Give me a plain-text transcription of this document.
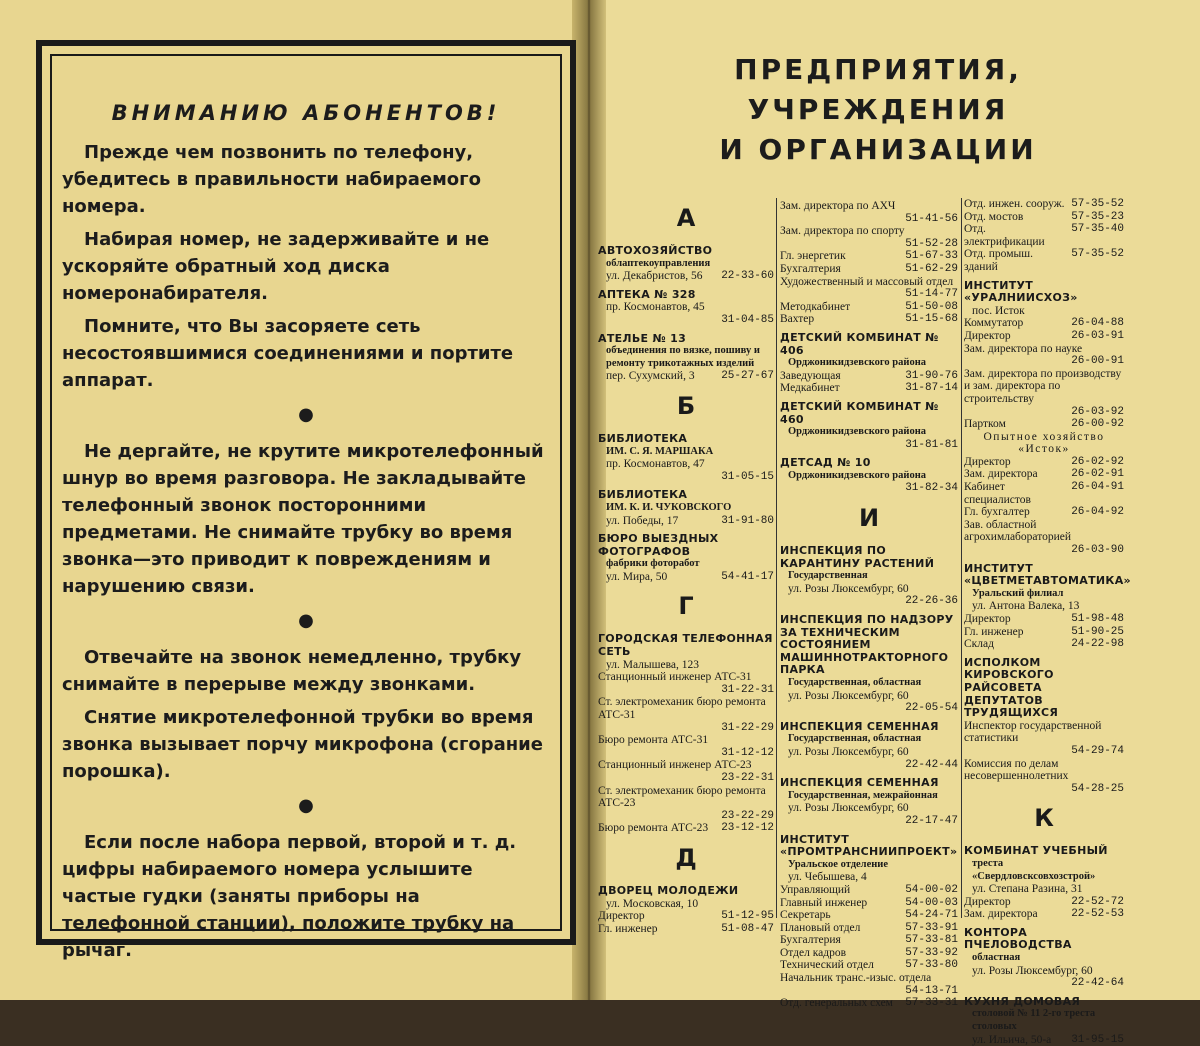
ВНИМАНИЮ АБОНЕНТОВ!

Прежде чем позвонить по телефону, убедитесь в правильности набираемого номера.

Набирая номер, не задерживайте и не ускоряйте обратный ход диска номеронабирателя.

Помните, что Вы засоряете сеть несостоявшимися соединениями и портите аппарат.

●

Не дергайте, не крутите микротелефонный шнур во время разговора. Не закладывайте телефонный звонок посторонними предметами. Не снимайте трубку во время звонка—это приводит к повреждениям и нарушению связи.

●

Отвечайте на звонок немедленно, трубку снимайте в перерыве между звонками.

Снятие микротелефонной трубки во время звонка вызывает порчу микрофона (сгорание порошка).

●

Если после набора первой, второй и т. д. цифры набираемого номера услышите частые гудки (заняты приборы на телефонной станции), положите трубку на рычаг.

ПРЕДПРИЯТИЯ, УЧРЕЖДЕНИЯ
И ОРГАНИЗАЦИИ
А
АВТОХОЗЯЙСТВО
облаптекоуправления
ул. Декабристов, 56	22-33-60
АПТЕКА № 328
пр. Космонавтов, 45
31-04-85
АТЕЛЬЕ № 13
объединения по вязке, пошиву и ремонту трикотажных изделий
пер. Сухумский, 3	25-27-67
Б
БИБЛИОТЕКА
ИМ. С. Я. МАРШАКА
пр. Космонавтов, 47
31-05-15
БИБЛИОТЕКА
ИМ. К. И. ЧУКОВСКОГО
ул. Победы, 17	31-91-80
БЮРО ВЫЕЗДНЫХ ФОТОГРАФОВ
фабрики фоторабот
ул. Мира, 50	54-41-17
Г
ГОРОДСКАЯ ТЕЛЕФОННАЯ СЕТЬ
ул. Малышева, 123
Станционный инженер АТС-31
31-22-31
Ст. электромеханик бюро ремонта АТС-31
31-22-29
Бюро ремонта АТС-31
31-12-12
Станционный инженер АТС-23
23-22-31
Ст. электромеханик бюро ремонта АТС-23
23-22-29
Бюро ремонта АТС-23	23-12-12
Д
ДВОРЕЦ МОЛОДЕЖИ
ул. Московская, 10
Директор	51-12-95
Гл. инженер	51-08-47
Зам. директора по АХЧ
51-41-56
Зам. директора по спорту
51-52-28
Гл. энергетик	51-67-33
Бухгалтерия	51-62-29
Художественный и массовый отдел
51-14-77
Методкабинет	51-50-08
Вахтер	51-15-68
ДЕТСКИЙ КОМБИНАТ № 406
Орджоникидзевского района
Заведующая	31-90-76
Медкабинет	31-87-14
ДЕТСКИЙ КОМБИНАТ № 460
Орджоникидзевского района
31-81-81
ДЕТСАД № 10
Орджоникидзевского района
31-82-34
И
ИНСПЕКЦИЯ ПО КАРАНТИНУ РАСТЕНИЙ
Государственная
ул. Розы Люксембург, 60
22-26-36
ИНСПЕКЦИЯ ПО НАДЗОРУ ЗА ТЕХНИЧЕСКИМ СОСТОЯНИЕМ МАШИННОТРАКТОРНОГО ПАРКА
Государственная, областная
ул. Розы Люксембург, 60
22-05-54
ИНСПЕКЦИЯ СЕМЕННАЯ
Государственная, областная
ул. Розы Люксембург, 60
22-42-44
ИНСПЕКЦИЯ СЕМЕННАЯ
Государственная, межрайонная
ул. Розы Люксембург, 60
22-17-47
ИНСТИТУТ «ПРОМТРАНСНИИПРОЕКТ»
Уральское отделение
ул. Чебышева, 4
Управляющий	54-00-02
Главный инженер	54-00-03
Секретарь	54-24-71
Плановый отдел	57-33-91
Бухгалтерия	57-33-81
Отдел кадров	57-33-92
Технический отдел	57-33-80
Начальник транс.-изыс. отдела
54-13-71
Отд. генеральных схем	57-33-31
Отд. инжен. сооруж. 57-35-52
Отд. мостов	57-35-23
Отд. электрификации
57-35-40
Отд. промыш. зданий
57-35-52
ИНСТИТУТ «УРАЛНИИСХОЗ»
пос. Исток
Коммутатор	26-04-88
Директор	26-03-91
Зам. директора по науке
26-00-91
Зам. директора по производству и зам. директора по строительству
26-03-92
Партком	26-00-92
Опытное хозяйство «Исток»
Директор	26-02-92
Зам. директора	26-02-91
Кабинет специалистов
26-04-91
Гл. бухгалтер	26-04-92
Зав. областной агрохимлабораторией
26-03-90
ИНСТИТУТ «ЦВЕТМЕТАВТОМАТИКА»
Уральский филиал
ул. Антона Валека, 13
Директор	51-98-48
Гл. инженер	51-90-25
Склад	24-22-98
ИСПОЛКОМ КИРОВСКОГО РАЙСОВЕТА ДЕПУТАТОВ ТРУДЯЩИХСЯ
Инспектор государственной статистики
54-29-74
Комиссия по делам несовершеннолетних
54-28-25
К
КОМБИНАТ УЧЕБНЫЙ
треста «Свердловсксовхозстрой»
ул. Степана Разина, 31
Директор	22-52-72
Зам. директора	22-52-53
КОНТОРА ПЧЕЛОВОДСТВА
областная
ул. Розы Люксембург, 60
22-42-64
КУХНЯ ДОМОВАЯ
столовой № 11 2-го треста столовых
ул. Ильича, 50-а	31-95-15
